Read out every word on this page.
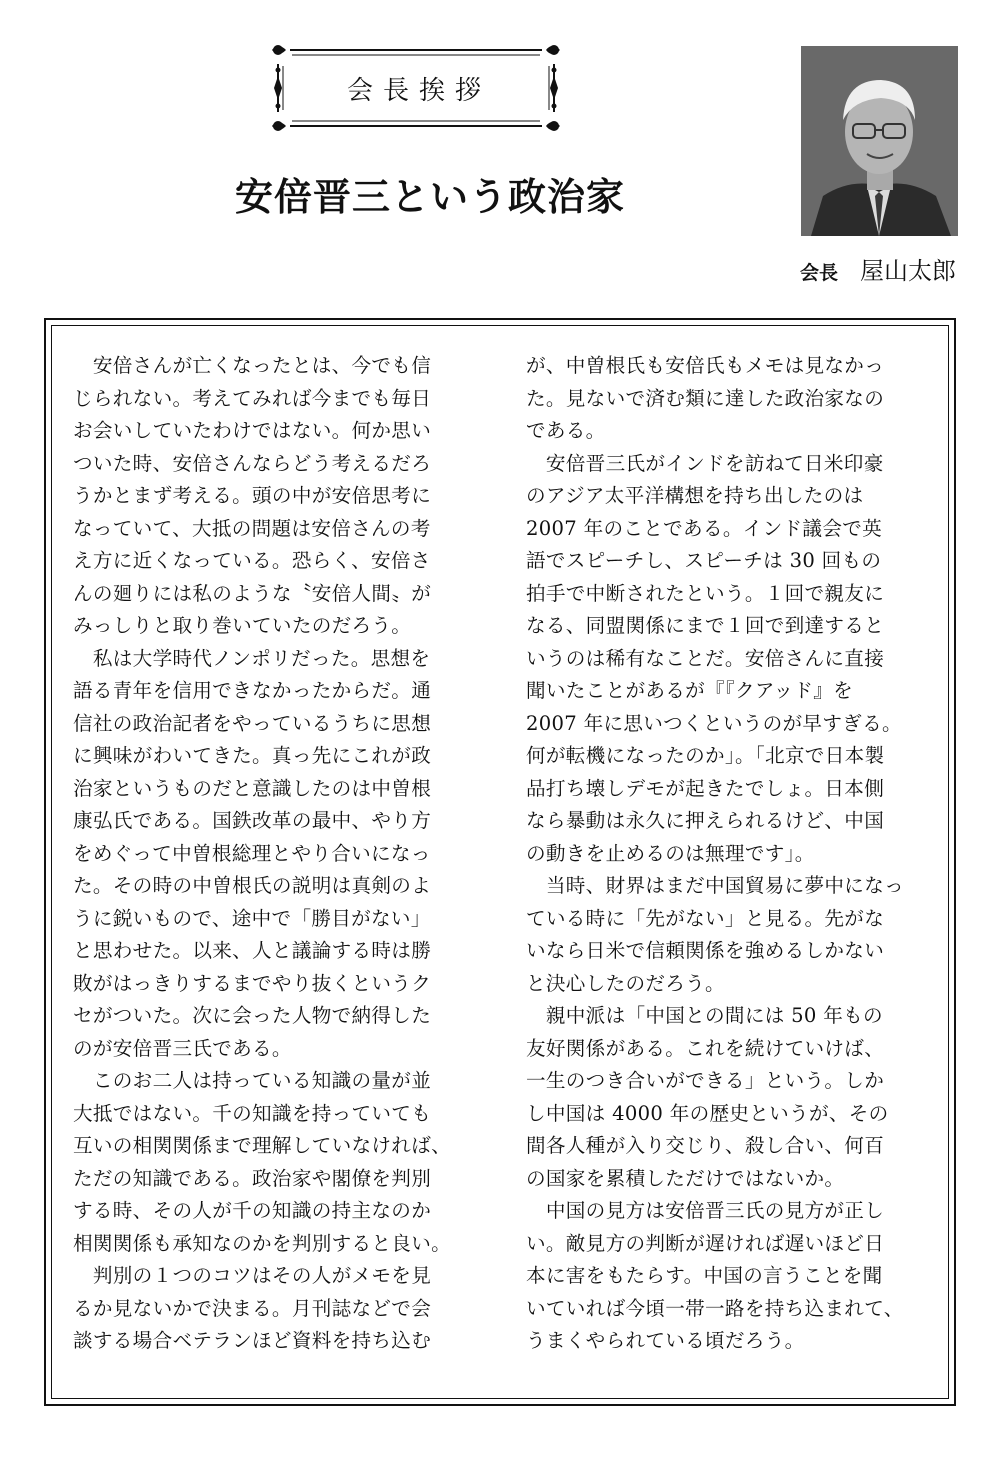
会長挨拶
安倍晋三という政治家
会長 屋山太郎
　安倍さんが亡くなったとは、今でも信
じられない。考えてみれば今までも毎日
お会いしていたわけではない。何か思い
ついた時、安倍さんならどう考えるだろ
うかとまず考える。頭の中が安倍思考に
なっていて、大抵の問題は安倍さんの考
え方に近くなっている。恐らく、安倍さ
んの廻りには私のような〝安倍人間〟が
みっしりと取り巻いていたのだろう。
　私は大学時代ノンポリだった。思想を
語る青年を信用できなかったからだ。通
信社の政治記者をやっているうちに思想
に興味がわいてきた。真っ先にこれが政
治家というものだと意識したのは中曽根
康弘氏である。国鉄改革の最中、やり方
をめぐって中曽根総理とやり合いになっ
た。その時の中曽根氏の説明は真剣のよ
うに鋭いもので、途中で「勝目がない」
と思わせた。以来、人と議論する時は勝
敗がはっきりするまでやり抜くというク
セがついた。次に会った人物で納得した
のが安倍晋三氏である。
　このお二人は持っている知識の量が並
大抵ではない。千の知識を持っていても
互いの相関関係まで理解していなければ、
ただの知識である。政治家や閣僚を判別
する時、その人が千の知識の持主なのか
相関関係も承知なのかを判別すると良い。
　判別の１つのコツはその人がメモを見
るか見ないかで決まる。月刊誌などで会
談する場合ベテランほど資料を持ち込む
が、中曽根氏も安倍氏もメモは見なかっ
た。見ないで済む類に達した政治家なの
である。
　安倍晋三氏がインドを訪ねて日米印豪
のアジア太平洋構想を持ち出したのは
2007 年のことである。インド議会で英
語でスピーチし、スピーチは 30 回もの
拍手で中断されたという。１回で親友に
なる、同盟関係にまで１回で到達すると
いうのは稀有なことだ。安倍さんに直接
聞いたことがあるが『『クアッド』を
2007 年に思いつくというのが早すぎる。
何が転機になったのか」。「北京で日本製
品打ち壊しデモが起きたでしょ。日本側
なら暴動は永久に押えられるけど、中国
の動きを止めるのは無理です」。
　当時、財界はまだ中国貿易に夢中になっ
ている時に「先がない」と見る。先がな
いなら日米で信頼関係を強めるしかない
と決心したのだろう。
　親中派は「中国との間には 50 年もの
友好関係がある。これを続けていけば、
一生のつき合いができる」という。しか
し中国は 4000 年の歴史というが、その
間各人種が入り交じり、殺し合い、何百
の国家を累積しただけではないか。
　中国の見方は安倍晋三氏の見方が正し
い。敵見方の判断が遅ければ遅いほど日
本に害をもたらす。中国の言うことを聞
いていれば今頃一帯一路を持ち込まれて、
うまくやられている頃だろう。
